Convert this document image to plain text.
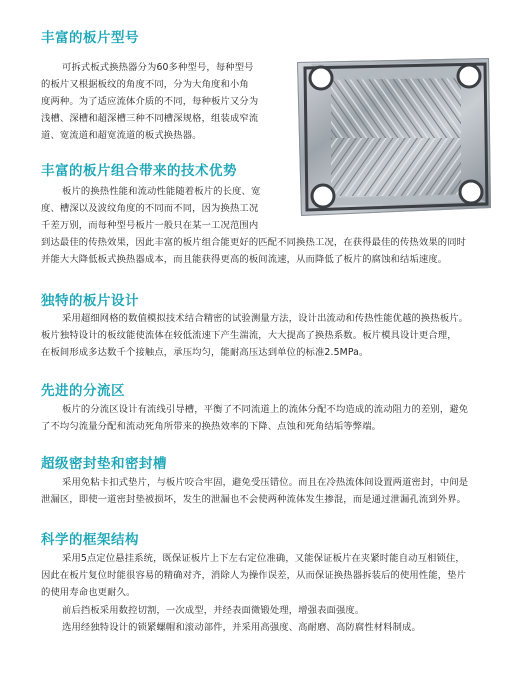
丰富的板片型号

可拆式板式换热器分为60多种型号，每种型号

的板片又根据板纹的角度不同，分为大角度和小角

度两种。为了适应流体介质的不同，每种板片又分为

浅槽、深槽和超深槽三种不同槽深规格，组装成窄流

道、宽流道和超宽流道的板式换热器。

丰富的板片组合带来的技术优势

板片的换热性能和流动性能随着板片的长度、宽

度、槽深以及波纹角度的不同而不同，因为换热工况

千差万别，而每种型号板片一般只在某一工况范围内

到达最佳的传热效果，因此丰富的板片组合能更好的匹配不同换热工况，在获得最佳的传热效果的同时

并能大大降低板式换热器成本，而且能获得更高的板间流速，从而降低了板片的腐蚀和结垢速度。

独特的板片设计

采用超细网格的数值模拟技术结合精密的试验测量方法，设计出流动和传热性能优越的换热板片。

板片独特设计的板纹能使流体在较低流速下产生湍流，大大提高了换热系数。板片模具设计更合理，

在板间形成多达数千个接触点，承压均匀，能耐高压达到单位的标准2.5MPa。

先进的分流区

板片的分流区设计有流线引导槽，平衡了不同流道上的流体分配不均造成的流动阻力的差别，避免

了不均匀流量分配和流动死角所带来的换热效率的下降、点蚀和死角结垢等弊端。

超级密封垫和密封槽

采用免粘卡扣式垫片，与板片咬合牢固，避免受压错位。而且在冷热流体间设置两道密封，中间是

泄漏区，即使一道密封垫被损坏，发生的泄漏也不会使两种流体发生掺混，而是通过泄漏孔流到外界。

科学的框架结构

采用5点定位悬挂系统，既保证板片上下左右定位准确，又能保证板片在夹紧时能自动互相锁住，

因此在板片复位时能很容易的精确对齐，消除人为操作误差，从而保证换热器拆装后的使用性能，垫片

的使用寿命也更耐久。

前后挡板采用数控切割，一次成型，并经表面微锻处理，增强表面强度。

选用经独特设计的锁紧螺帽和滚动部件，并采用高强度、高耐磨、高防腐性材料制成。
